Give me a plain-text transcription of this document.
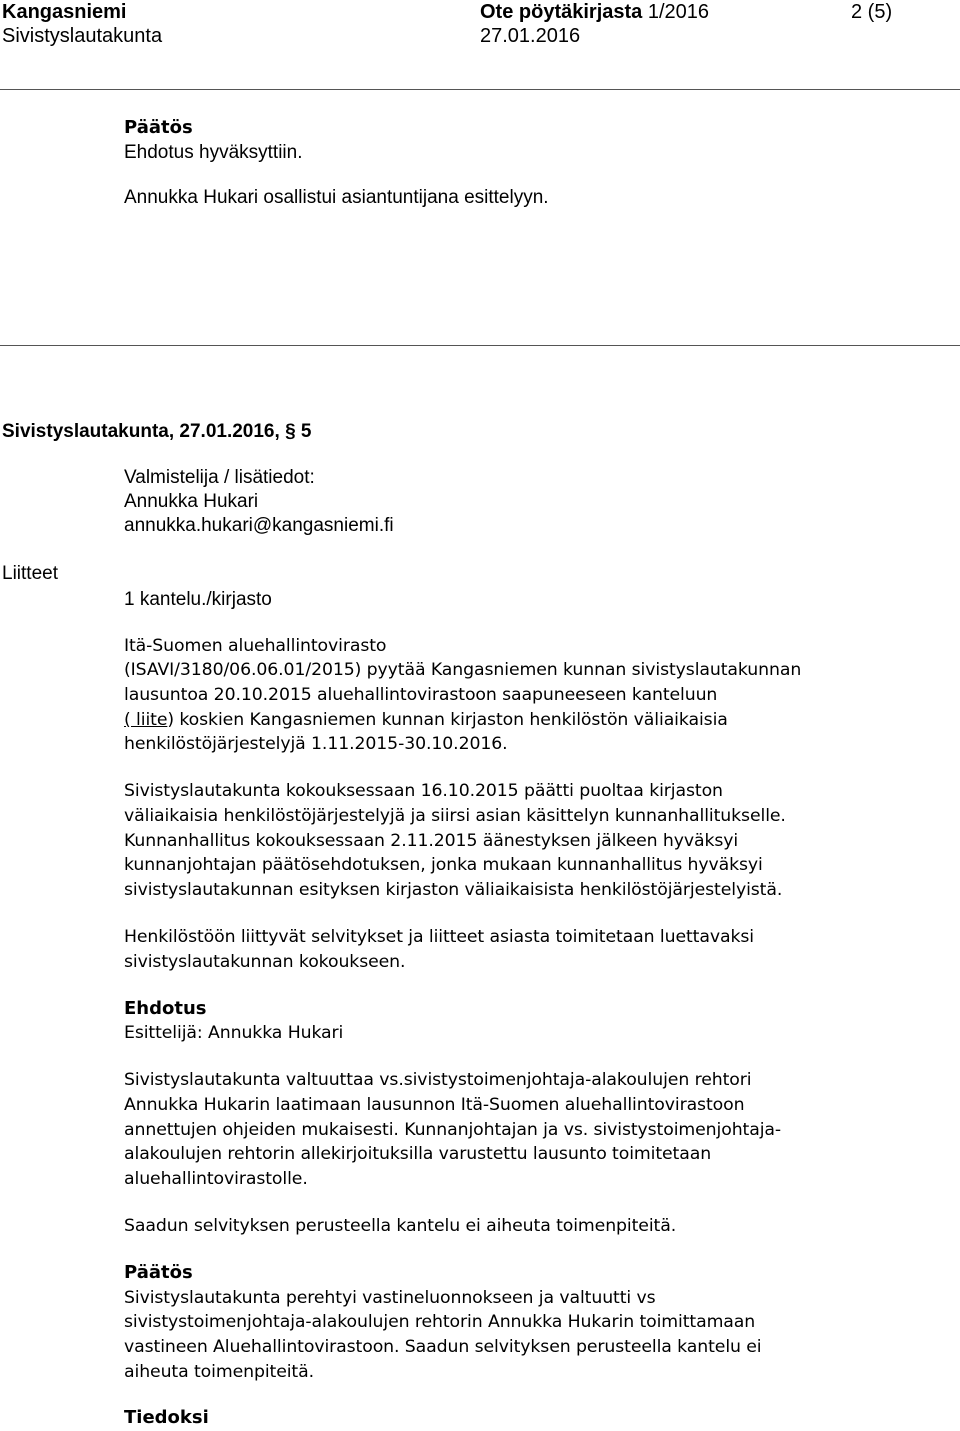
Kangasniemi	Ote pöytäkirjasta 1/2016	2 (5)
Sivistyslautakunta	27.01.2016
Päätös
Ehdotus hyväksyttiin.
Annukka Hukari osallistui asiantuntijana esittelyyn.
Sivistyslautakunta, 27.01.2016, § 5
Valmistelija / lisätiedot:
Annukka Hukari
annukka.hukari@kangasniemi.fi
Liitteet
1 kantelu./kirjasto
Itä-Suomen aluehallintovirasto
(ISAVI/3180/06.06.01/2015) pyytää Kangasniemen kunnan sivistyslautakunnan
lausuntoa 20.10.2015 aluehallintovirastoon saapuneeseen kanteluun
( liite) koskien Kangasniemen kunnan kirjaston henkilöstön väliaikaisia
henkilöstöjärjestelyjä 1.11.2015-30.10.2016.
Sivistyslautakunta kokouksessaan 16.10.2015 päätti puoltaa kirjaston
väliaikaisia henkilöstöjärjestelyjä ja siirsi asian käsittelyn kunnanhallitukselle.
Kunnanhallitus kokouksessaan 2.11.2015 äänestyksen jälkeen hyväksyi
kunnanjohtajan päätösehdotuksen, jonka mukaan kunnanhallitus hyväksyi
sivistyslautakunnan esityksen kirjaston väliaikaisista henkilöstöjärjestelyistä.
Henkilöstöön liittyvät selvitykset ja liitteet asiasta toimitetaan luettavaksi
sivistyslautakunnan kokoukseen.
Ehdotus
Esittelijä: Annukka Hukari
Sivistyslautakunta valtuuttaa vs.sivistystoimenjohtaja-alakoulujen rehtori
Annukka Hukarin laatimaan lausunnon Itä-Suomen aluehallintovirastoon
annettujen ohjeiden mukaisesti. Kunnanjohtajan ja vs. sivistystoimenjohtaja-
alakoulujen rehtorin allekirjoituksilla varustettu lausunto toimitetaan
aluehallintovirastolle.
Saadun selvityksen perusteella kantelu ei aiheuta toimenpiteitä.
Päätös
Sivistyslautakunta perehtyi vastineluonnokseen ja valtuutti vs
sivistystoimenjohtaja-alakoulujen rehtorin Annukka Hukarin toimittamaan
vastineen Aluehallintovirastoon. Saadun selvityksen perusteella kantelu ei
aiheuta toimenpiteitä.
Tiedoksi
